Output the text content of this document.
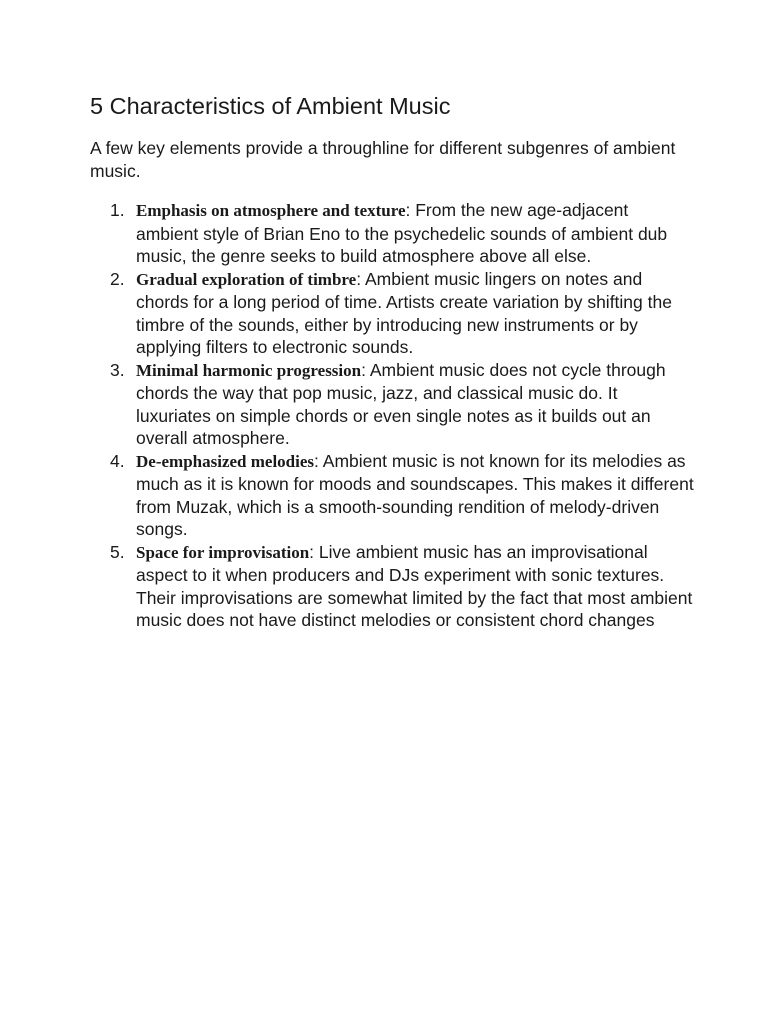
5 Characteristics of Ambient Music

A few key elements provide a throughline for different subgenres of ambient music.

1. Emphasis on atmosphere and texture: From the new age-adjacent ambient style of Brian Eno to the psychedelic sounds of ambient dub music, the genre seeks to build atmosphere above all else.
2. Gradual exploration of timbre: Ambient music lingers on notes and chords for a long period of time. Artists create variation by shifting the timbre of the sounds, either by introducing new instruments or by applying filters to electronic sounds.
3. Minimal harmonic progression: Ambient music does not cycle through chords the way that pop music, jazz, and classical music do. It luxuriates on simple chords or even single notes as it builds out an overall atmosphere.
4. De-emphasized melodies: Ambient music is not known for its melodies as much as it is known for moods and soundscapes. This makes it different from Muzak, which is a smooth-sounding rendition of melody-driven songs.
5. Space for improvisation: Live ambient music has an improvisational aspect to it when producers and DJs experiment with sonic textures. Their improvisations are somewhat limited by the fact that most ambient music does not have distinct melodies or consistent chord changes
